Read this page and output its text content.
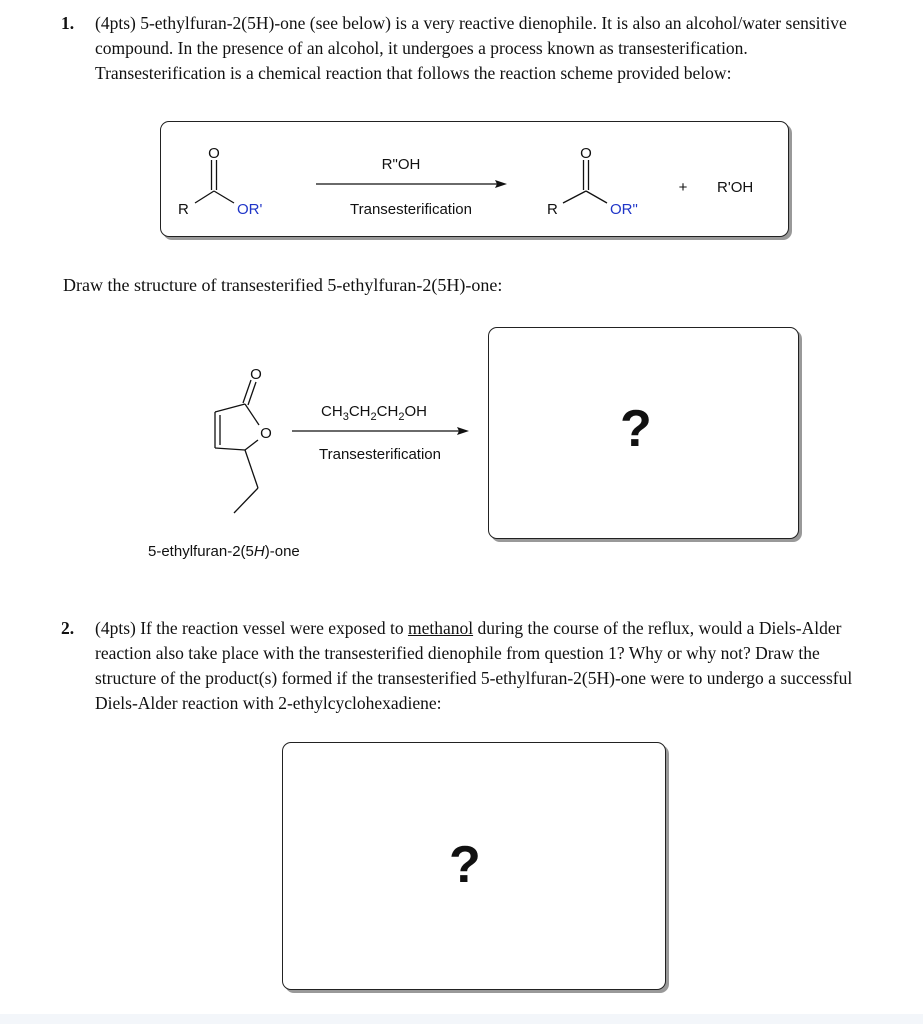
1. (4pts) 5-ethylfuran-2(5H)-one (see below) is a very reactive dienophile. It is also an alcohol/water sensitive compound. In the presence of an alcohol, it undergoes a process known as transesterification. Transesterification is a chemical reaction that follows the reaction scheme provided below:
O
R	OR'
R"OH
Transesterification
O
R	OR"
+ R'OH
Draw the structure of transesterified 5-ethylfuran-2(5H)-one:
O
O
$CH_3CH_2CH_2OH$
Transesterification
5-ethylfuran-2(5H)-one
?
2. (4pts) If the reaction vessel were exposed to methanol during the course of the reflux, would a Diels-Alder reaction also take place with the transesterified dienophile from question 1? Why or why not? Draw the structure of the product(s) formed if the transesterified 5-ethylfuran-2(5H)-one were to undergo a successful Diels-Alder reaction with 2-ethylcyclohexadiene:
?
